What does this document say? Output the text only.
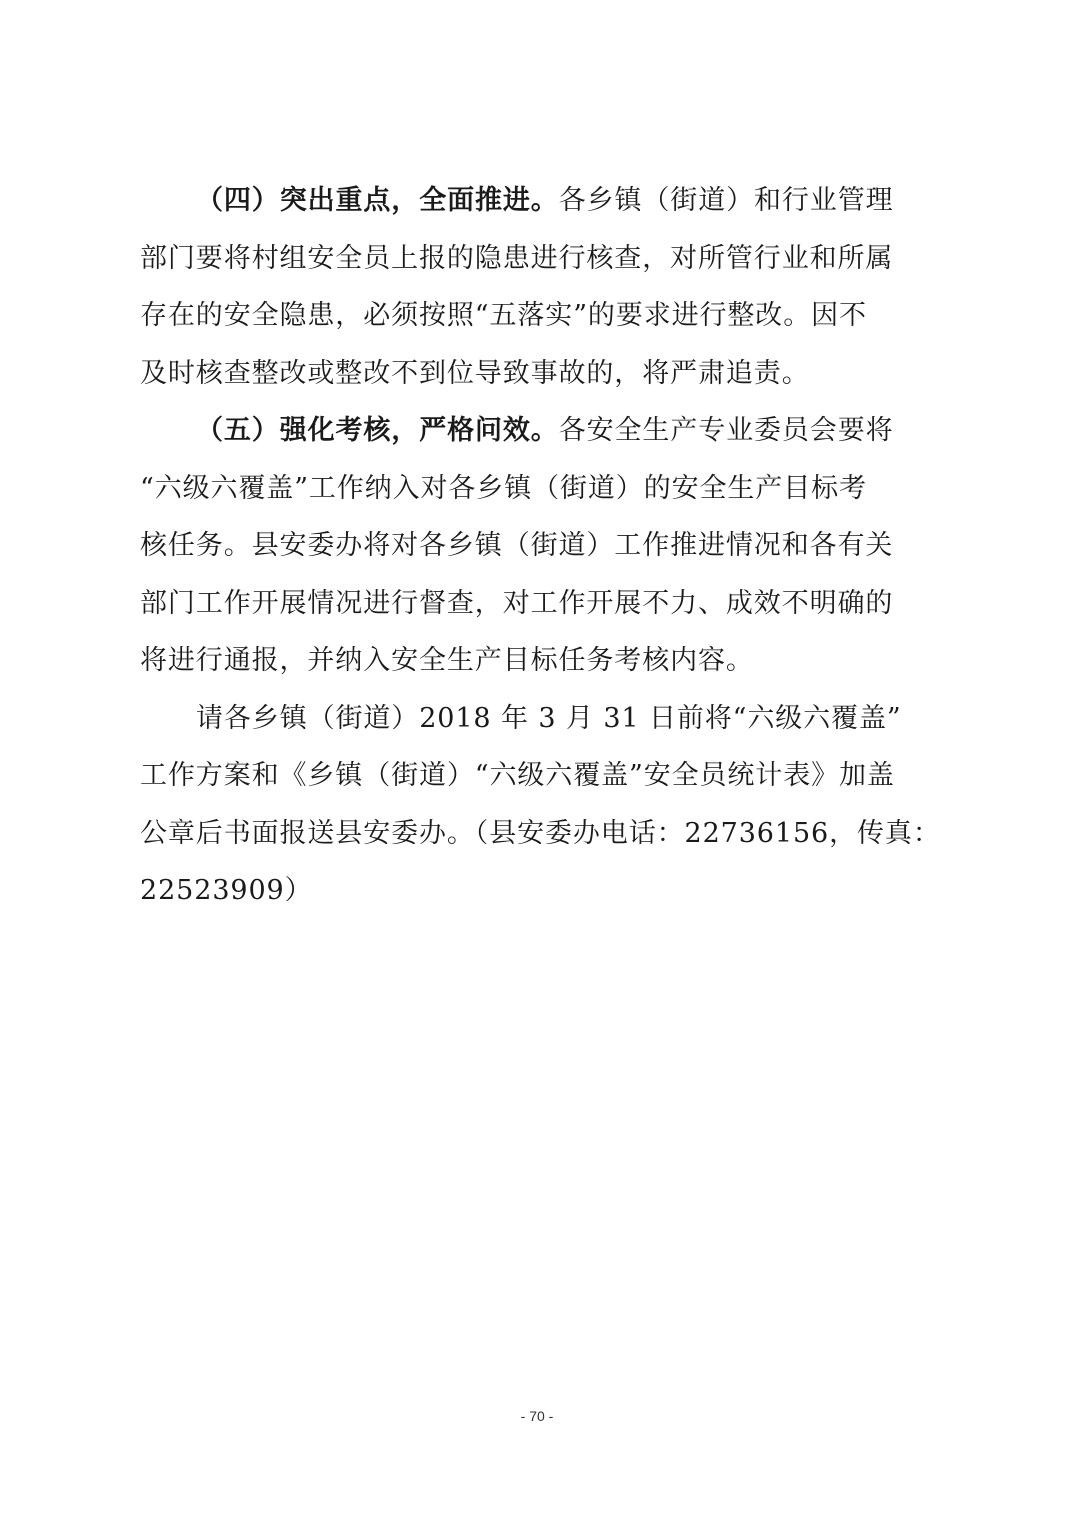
（四）突出重点，全面推进。各乡镇（街道）和行业管理
部门要将村组安全员上报的隐患进行核查，对所管行业和所属
存在的安全隐患，必须按照“五落实”的要求进行整改。因不
及时核查整改或整改不到位导致事故的，将严肃追责。
（五）强化考核，严格问效。各安全生产专业委员会要将
“六级六覆盖”工作纳入对各乡镇（街道）的安全生产目标考
核任务。县安委办将对各乡镇（街道）工作推进情况和各有关
部门工作开展情况进行督查，对工作开展不力、成效不明确的
将进行通报，并纳入安全生产目标任务考核内容。
请各乡镇（街道）2018 年 3 月 31 日前将“六级六覆盖”
工作方案和《乡镇（街道）“六级六覆盖”安全员统计表》加盖
公章后书面报送县安委办。（县安委办电话：22736156，传真：
22523909）
- 70 -
